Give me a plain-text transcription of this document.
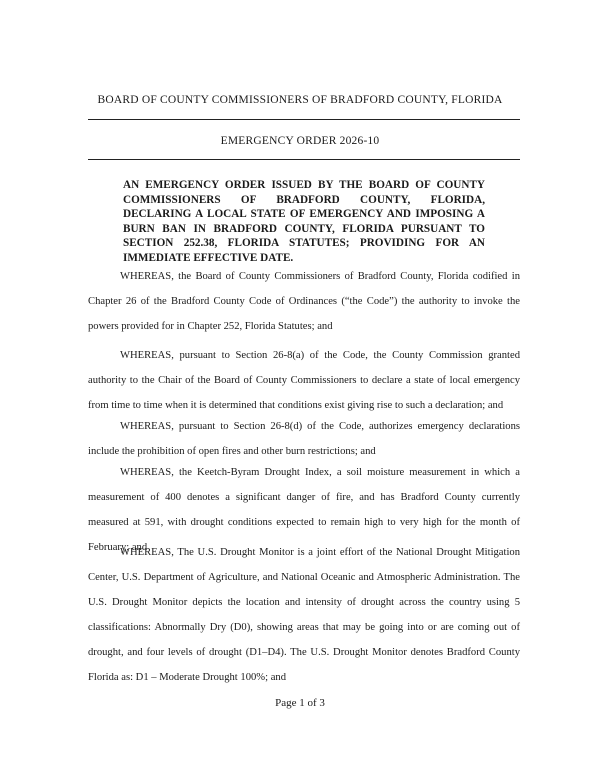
BOARD OF COUNTY COMMISSIONERS OF BRADFORD COUNTY, FLORIDA
EMERGENCY ORDER 2026-10
AN EMERGENCY ORDER ISSUED BY THE BOARD OF COUNTY COMMISSIONERS OF BRADFORD COUNTY, FLORIDA, DECLARING A LOCAL STATE OF EMERGENCY AND IMPOSING A BURN BAN IN BRADFORD COUNTY, FLORIDA PURSUANT TO SECTION 252.38, FLORIDA STATUTES; PROVIDING FOR AN IMMEDIATE EFFECTIVE DATE.
WHEREAS, the Board of County Commissioners of Bradford County, Florida codified in Chapter 26 of the Bradford County Code of Ordinances (“the Code”) the authority to invoke the powers provided for in Chapter 252, Florida Statutes; and
WHEREAS, pursuant to Section 26-8(a) of the Code, the County Commission granted authority to the Chair of the Board of County Commissioners to declare a state of local emergency from time to time when it is determined that conditions exist giving rise to such a declaration; and
WHEREAS, pursuant to Section 26-8(d) of the Code, authorizes emergency declarations include the prohibition of open fires and other burn restrictions; and
WHEREAS, the Keetch-Byram Drought Index, a soil moisture measurement in which a measurement of 400 denotes a significant danger of fire, and has Bradford County currently measured at 591, with drought conditions expected to remain high to very high for the month of February; and
WHEREAS, The U.S. Drought Monitor is a joint effort of the National Drought Mitigation Center, U.S. Department of Agriculture, and National Oceanic and Atmospheric Administration. The U.S. Drought Monitor depicts the location and intensity of drought across the country using 5 classifications: Abnormally Dry (D0), showing areas that may be going into or are coming out of drought, and four levels of drought (D1–D4). The U.S. Drought Monitor denotes Bradford County Florida as: D1 – Moderate Drought 100%; and
Page 1 of 3
